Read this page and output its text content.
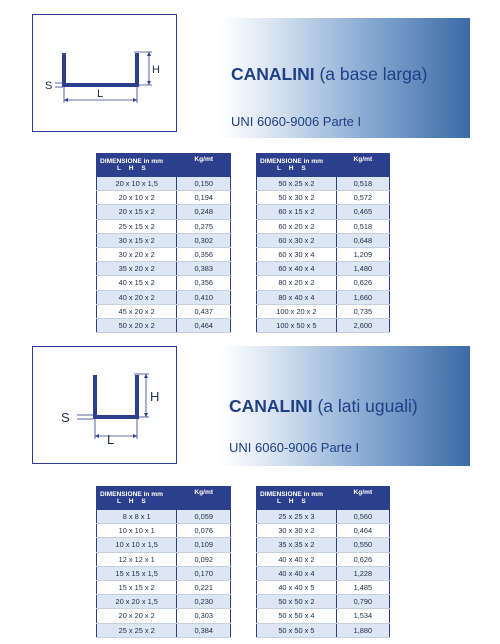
H
L
S
CANALINI (a base larga)
UNI 6060-9006 Parte I
DIMENSIONE in mm
L H S	Kg/mt
20 x 10 x 1,5	0,150
20 x 10 x 2	0,194
20 x 15 x 2	0,248
25 x 15 x 2	0,275
30 x 15 x 2	0,302
30 x 20 x 2	0,356
35 x 20 x 2	0,383
40 x 15 x 2	0,356
40 x 20 x 2	0,410
45 x 20 x 2	0,437
50 x 20 x 2	0,464
DIMENSIONE in mm
L H S	Kg/mt
50 x 25 x 2	0,518
50 x 30 x 2	0,572
60 x 15 x 2	0,465
60 x 20 x 2	0,518
60 x 30 x 2	0,648
60 x 30 x 4	1,209
60 x 40 x 4	1,480
80 x 20 x 2	0,626
80 x 40 x 4	1,660
100 x 20 x 2	0,735
100 x 50 x 5	2,600
H
L
S
CANALINI (a lati uguali)
UNI 6060-9006 Parte I
DIMENSIONE in mm
L H S	Kg/mt
8 x 8 x 1	0,059
10 x 10 x 1	0,076
10 x 10 x 1,5	0,109
12 x 12 x 1	0,092
15 x 15 x 1,5	0,170
15 x 15 x 2	0,221
20 x 20 x 1,5	0,230
20 x 20 x 2	0,303
25 x 25 x 2	0,384
DIMENSIONE in mm
L H S	Kg/mt
25 x 25 x 3	0,560
30 x 30 x 2	0,464
35 x 35 x 2	0,550
40 x 40 x 2	0,626
40 x 40 x 4	1,228
40 x 40 x 5	1,485
50 x 50 x 2	0,790
50 x 50 x 4	1,534
50 x 50 x 5	1,880
